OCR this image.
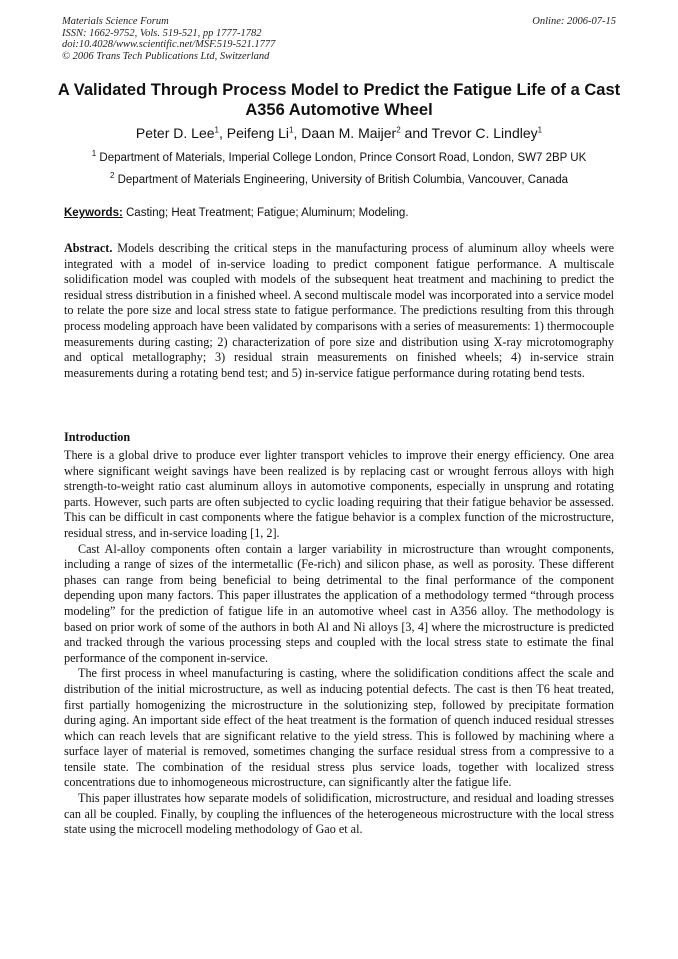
Materials Science Forum
ISSN: 1662-9752, Vols. 519-521, pp 1777-1782
doi:10.4028/www.scientific.net/MSF.519-521.1777
© 2006 Trans Tech Publications Ltd, Switzerland
Online: 2006-07-15
A Validated Through Process Model to Predict the Fatigue Life of a Cast A356 Automotive Wheel
Peter D. Lee$^1$, Peifeng Li$^1$, Daan M. Maijer$^2$ and Trevor C. Lindley$^1$
$^1$ Department of Materials, Imperial College London, Prince Consort Road, London, SW7 2BP UK
$^2$ Department of Materials Engineering, University of British Columbia, Vancouver, Canada
Keywords: Casting; Heat Treatment; Fatigue; Aluminum; Modeling.

Abstract. Models describing the critical steps in the manufacturing process of aluminum alloy wheels were integrated with a model of in-service loading to predict component fatigue performance. A multiscale solidification model was coupled with models of the subsequent heat treatment and machining to predict the residual stress distribution in a finished wheel. A second multiscale model was incorporated into a service model to relate the pore size and local stress state to fatigue performance. The predictions resulting from this through process modeling approach have been validated by comparisons with a series of measurements: 1) thermocouple measurements during casting; 2) characterization of pore size and distribution using X-ray microtomography and optical metallography; 3) residual strain measurements on finished wheels; 4) in-service strain measurements during a rotating bend test; and 5) in-service fatigue performance during rotating bend tests.

Introduction

There is a global drive to produce ever lighter transport vehicles to improve their energy efficiency. One area where significant weight savings have been realized is by replacing cast or wrought ferrous alloys with high strength-to-weight ratio cast aluminum alloys in automotive components, especially in unsprung and rotating parts. However, such parts are often subjected to cyclic loading requiring that their fatigue behavior be assessed. This can be difficult in cast components where the fatigue behavior is a complex function of the microstructure, residual stress, and in-service loading [1, 2].

Cast Al-alloy components often contain a larger variability in microstructure than wrought components, including a range of sizes of the intermetallic (Fe-rich) and silicon phase, as well as porosity. These different phases can range from being beneficial to being detrimental to the final performance of the component depending upon many factors. This paper illustrates the application of a methodology termed “through process modeling” for the prediction of fatigue life in an automotive wheel cast in A356 alloy. The methodology is based on prior work of some of the authors in both Al and Ni alloys [3, 4] where the microstructure is predicted and tracked through the various processing steps and coupled with the local stress state to estimate the final performance of the component in-service.

The first process in wheel manufacturing is casting, where the solidification conditions affect the scale and distribution of the initial microstructure, as well as inducing potential defects. The cast is then T6 heat treated, first partially homogenizing the microstructure in the solutionizing step, followed by precipitate formation during aging. An important side effect of the heat treatment is the formation of quench induced residual stresses which can reach levels that are significant relative to the yield stress. This is followed by machining where a surface layer of material is removed, sometimes changing the surface residual stress from a compressive to a tensile state. The combination of the residual stress plus service loads, together with localized stress concentrations due to inhomogeneous microstructure, can significantly alter the fatigue life.

This paper illustrates how separate models of solidification, microstructure, and residual and loading stresses can all be coupled. Finally, by coupling the influences of the heterogeneous microstructure with the local stress state using the microcell modeling methodology of Gao et al.
